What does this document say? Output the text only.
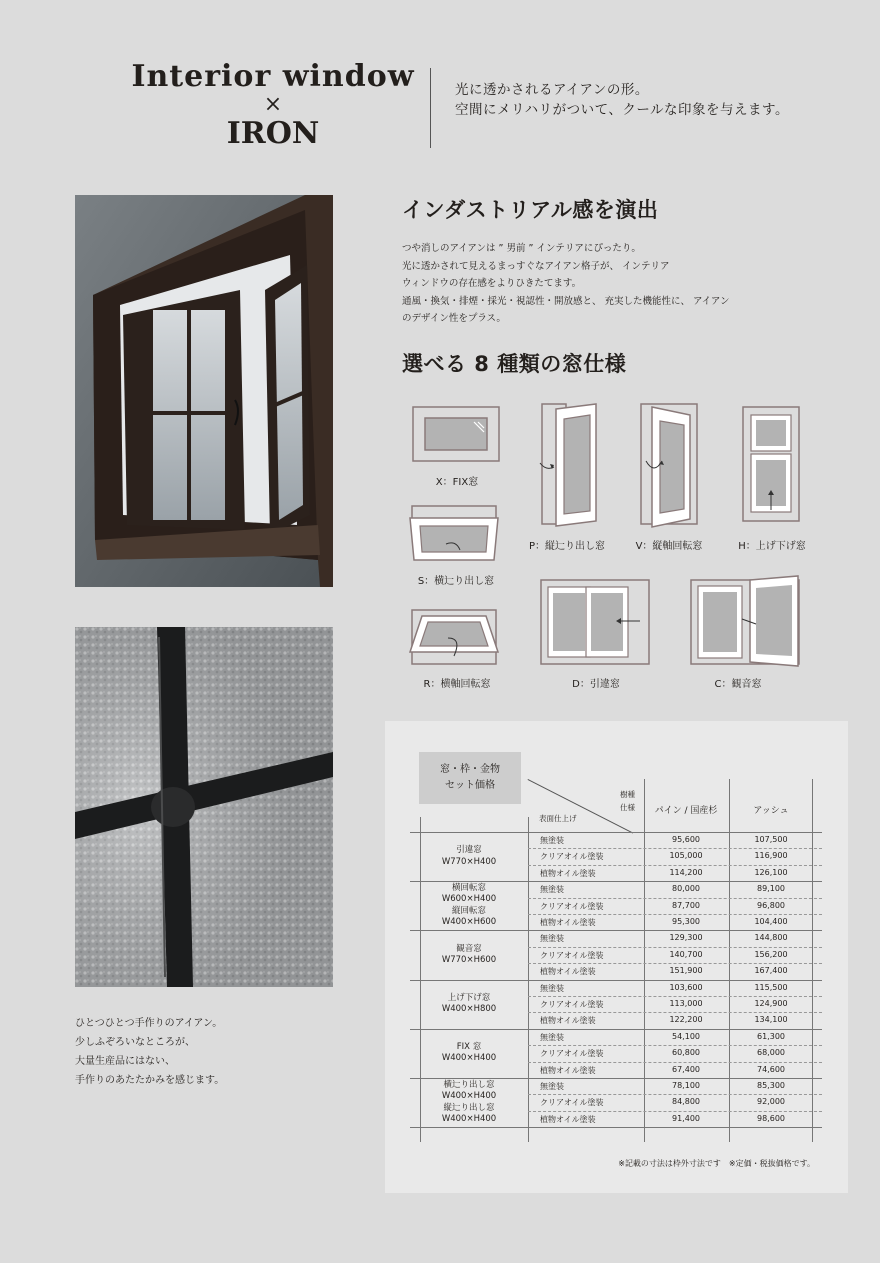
Interior window
×
IRON
光に透かされるアイアンの形。
空間にメリハリがついて、クールな印象を与えます。
ひとつひとつ手作りのアイアン。
少しふぞろいなところが、
大量生産品にはない、
手作りのあたたかみを感じます。
インダストリアル感を演出
つや消しのアイアンは ” 男前 ” インテリアにぴったり。
光に透かされて見えるまっすぐなアイアン格子が、 インテリア
ウィンドウの存在感をよりひきたてます。
通風・換気・排煙・採光・視認性・開放感と、 充実した機能性に、 アイアン
のデザイン性をプラス。
選べる 8 種類の窓仕様
X：FIX窓
P：縦辷り出し窓	V：縦軸回転窓	H：上げ下げ窓
S：横辷り出し窓
R：横軸回転窓	D：引違窓	C：観音窓
窓・枠・金物
セット価格
樹種
仕様
表面仕上げ
パイン / 国産杉	アッシュ
引違窓
W770×H400
無塗装	95,600	107,500
クリアオイル塗装	105,000	116,900
植物オイル塗装	114,200	126,100
横回転窓
W600×H400
縦回転窓
W400×H600
無塗装	80,000	89,100
クリアオイル塗装	87,700	96,800
植物オイル塗装	95,300	104,400
観音窓
W770×H600
無塗装	129,300	144,800
クリアオイル塗装	140,700	156,200
植物オイル塗装	151,900	167,400
上げ下げ窓
W400×H800
無塗装	103,600	115,500
クリアオイル塗装	113,000	124,900
植物オイル塗装	122,200	134,100
FIX 窓
W400×H400
無塗装	54,100	61,300
クリアオイル塗装	60,800	68,000
植物オイル塗装	67,400	74,600
横辷り出し窓
W400×H400
縦辷り出し窓
W400×H400
無塗装	78,100	85,300
クリアオイル塗装	84,800	92,000
植物オイル塗装	91,400	98,600
※記載の寸法は枠外寸法です　※定価・税抜価格です。
